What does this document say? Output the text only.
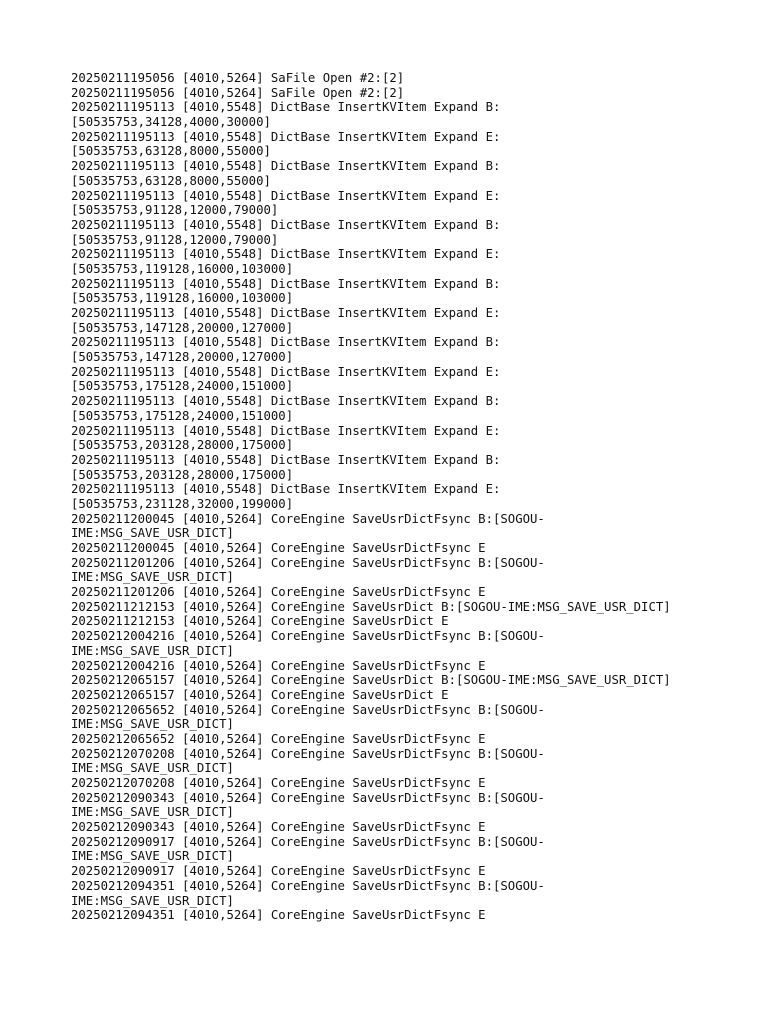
20250211195056 [4010,5264] SaFile Open #2:[2]
20250211195056 [4010,5264] SaFile Open #2:[2]
20250211195113 [4010,5548] DictBase InsertKVItem Expand B:
[50535753,34128,4000,30000]
20250211195113 [4010,5548] DictBase InsertKVItem Expand E:
[50535753,63128,8000,55000]
20250211195113 [4010,5548] DictBase InsertKVItem Expand B:
[50535753,63128,8000,55000]
20250211195113 [4010,5548] DictBase InsertKVItem Expand E:
[50535753,91128,12000,79000]
20250211195113 [4010,5548] DictBase InsertKVItem Expand B:
[50535753,91128,12000,79000]
20250211195113 [4010,5548] DictBase InsertKVItem Expand E:
[50535753,119128,16000,103000]
20250211195113 [4010,5548] DictBase InsertKVItem Expand B:
[50535753,119128,16000,103000]
20250211195113 [4010,5548] DictBase InsertKVItem Expand E:
[50535753,147128,20000,127000]
20250211195113 [4010,5548] DictBase InsertKVItem Expand B:
[50535753,147128,20000,127000]
20250211195113 [4010,5548] DictBase InsertKVItem Expand E:
[50535753,175128,24000,151000]
20250211195113 [4010,5548] DictBase InsertKVItem Expand B:
[50535753,175128,24000,151000]
20250211195113 [4010,5548] DictBase InsertKVItem Expand E:
[50535753,203128,28000,175000]
20250211195113 [4010,5548] DictBase InsertKVItem Expand B:
[50535753,203128,28000,175000]
20250211195113 [4010,5548] DictBase InsertKVItem Expand E:
[50535753,231128,32000,199000]
20250211200045 [4010,5264] CoreEngine SaveUsrDictFsync B:[SOGOU-
IME:MSG_SAVE_USR_DICT]
20250211200045 [4010,5264] CoreEngine SaveUsrDictFsync E
20250211201206 [4010,5264] CoreEngine SaveUsrDictFsync B:[SOGOU-
IME:MSG_SAVE_USR_DICT]
20250211201206 [4010,5264] CoreEngine SaveUsrDictFsync E
20250211212153 [4010,5264] CoreEngine SaveUsrDict B:[SOGOU-IME:MSG_SAVE_USR_DICT]
20250211212153 [4010,5264] CoreEngine SaveUsrDict E
20250212004216 [4010,5264] CoreEngine SaveUsrDictFsync B:[SOGOU-
IME:MSG_SAVE_USR_DICT]
20250212004216 [4010,5264] CoreEngine SaveUsrDictFsync E
20250212065157 [4010,5264] CoreEngine SaveUsrDict B:[SOGOU-IME:MSG_SAVE_USR_DICT]
20250212065157 [4010,5264] CoreEngine SaveUsrDict E
20250212065652 [4010,5264] CoreEngine SaveUsrDictFsync B:[SOGOU-
IME:MSG_SAVE_USR_DICT]
20250212065652 [4010,5264] CoreEngine SaveUsrDictFsync E
20250212070208 [4010,5264] CoreEngine SaveUsrDictFsync B:[SOGOU-
IME:MSG_SAVE_USR_DICT]
20250212070208 [4010,5264] CoreEngine SaveUsrDictFsync E
20250212090343 [4010,5264] CoreEngine SaveUsrDictFsync B:[SOGOU-
IME:MSG_SAVE_USR_DICT]
20250212090343 [4010,5264] CoreEngine SaveUsrDictFsync E
20250212090917 [4010,5264] CoreEngine SaveUsrDictFsync B:[SOGOU-
IME:MSG_SAVE_USR_DICT]
20250212090917 [4010,5264] CoreEngine SaveUsrDictFsync E
20250212094351 [4010,5264] CoreEngine SaveUsrDictFsync B:[SOGOU-
IME:MSG_SAVE_USR_DICT]
20250212094351 [4010,5264] CoreEngine SaveUsrDictFsync E
